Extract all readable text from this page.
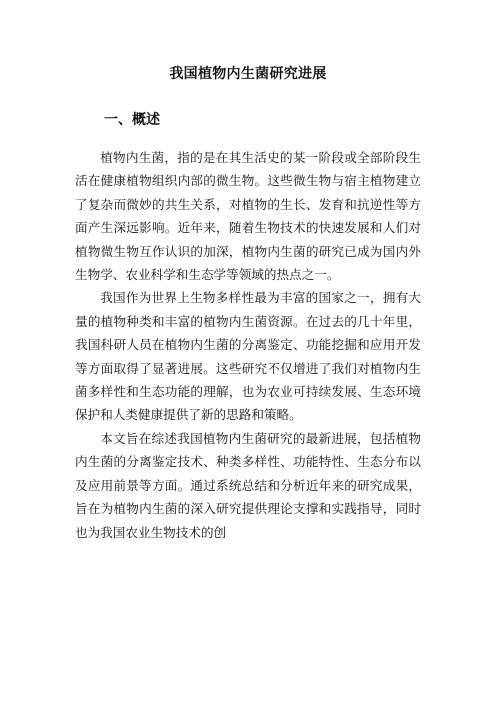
我国植物内生菌研究进展
一、概述

植物内生菌，指的是在其生活史的某一阶段或全部阶段生活在健康植物组织内部的微生物。这些微生物与宿主植物建立了复杂而微妙的共生关系，对植物的生长、发育和抗逆性等方面产生深远影响。近年来，随着生物技术的快速发展和人们对植物微生物互作认识的加深，植物内生菌的研究已成为国内外生物学、农业科学和生态学等领域的热点之一。

我国作为世界上生物多样性最为丰富的国家之一，拥有大量的植物种类和丰富的植物内生菌资源。在过去的几十年里，我国科研人员在植物内生菌的分离鉴定、功能挖掘和应用开发等方面取得了显著进展。这些研究不仅增进了我们对植物内生菌多样性和生态功能的理解，也为农业可持续发展、生态环境保护和人类健康提供了新的思路和策略。

本文旨在综述我国植物内生菌研究的最新进展，包括植物内生菌的分离鉴定技术、种类多样性、功能特性、生态分布以及应用前景等方面。通过系统总结和分析近年来的研究成果，旨在为植物内生菌的深入研究提供理论支撑和实践指导，同时也为我国农业生物技术的创
